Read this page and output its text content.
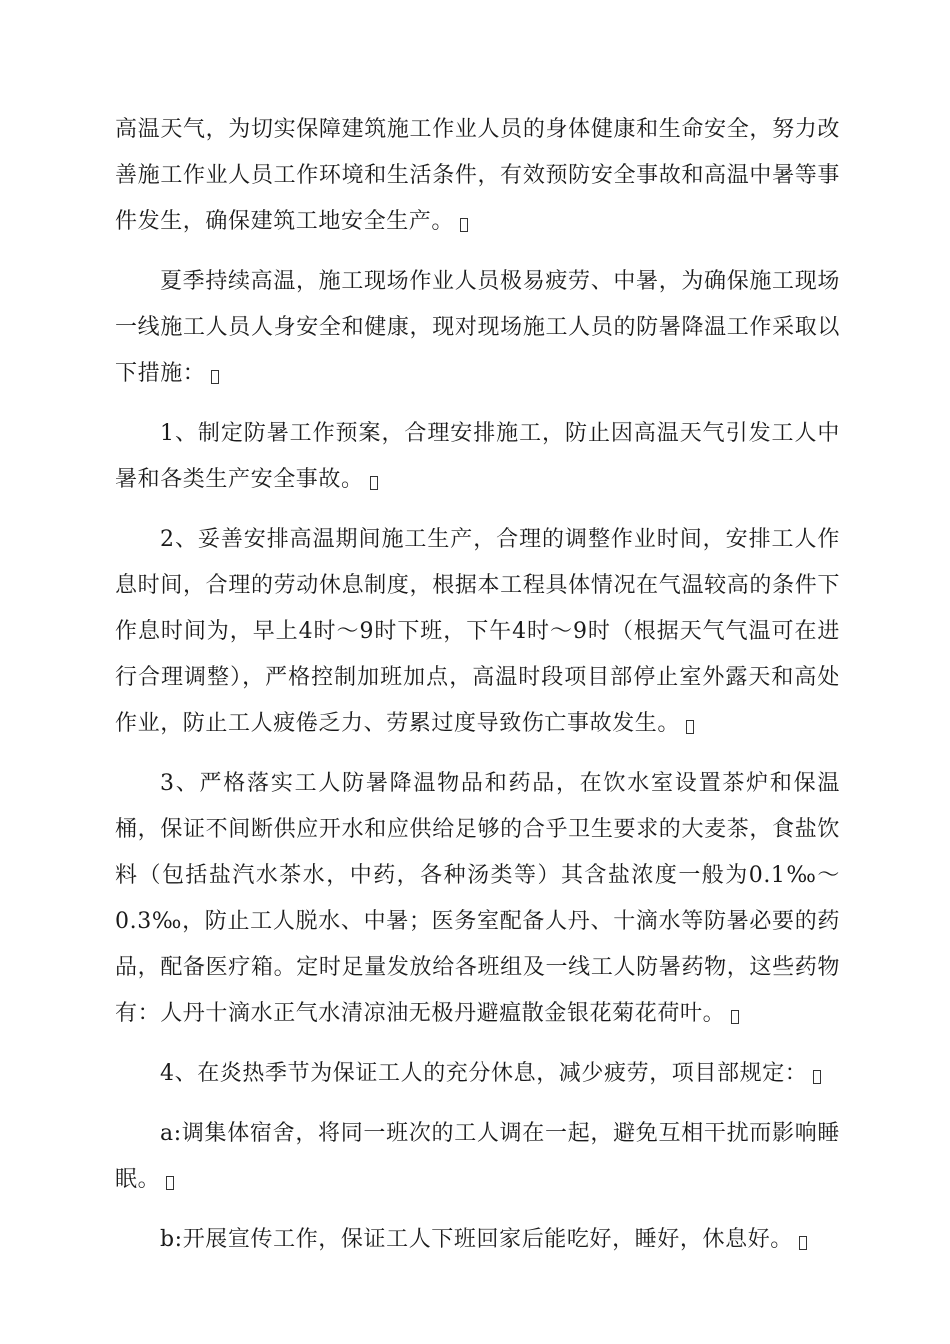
高温天气，为切实保障建筑施工作业人员的身体健康和生命安全，努力改善施工作业人员工作环境和生活条件，有效预防安全事故和高温中暑等事件发生，确保建筑工地安全生产。

夏季持续高温，施工现场作业人员极易疲劳、中暑，为确保施工现场一线施工人员人身安全和健康，现对现场施工人员的防暑降温工作采取以下措施：

1、制定防暑工作预案，合理安排施工，防止因高温天气引发工人中暑和各类生产安全事故。

2、妥善安排高温期间施工生产，合理的调整作业时间，安排工人作息时间，合理的劳动休息制度，根据本工程具体情况在气温较高的条件下作息时间为，早上4时～9时下班，下午4时～9时（根据天气气温可在进行合理调整），严格控制加班加点，高温时段项目部停止室外露天和高处作业，防止工人疲倦乏力、劳累过度导致伤亡事故发生。

3、严格落实工人防暑降温物品和药品，在饮水室设置茶炉和保温桶，保证不间断供应开水和应供给足够的合乎卫生要求的大麦茶，食盐饮料（包括盐汽水茶水，中药，各种汤类等）其含盐浓度一般为0.1‰～0.3‰，防止工人脱水、中暑；医务室配备人丹、十滴水等防暑必要的药品，配备医疗箱。定时足量发放给各班组及一线工人防暑药物，这些药物有：人丹十滴水正气水清凉油无极丹避瘟散金银花菊花荷叶。

4、在炎热季节为保证工人的充分休息，减少疲劳，项目部规定：

a:调集体宿舍，将同一班次的工人调在一起，避免互相干扰而影响睡眠。

b:开展宣传工作，保证工人下班回家后能吃好，睡好，休息好。
